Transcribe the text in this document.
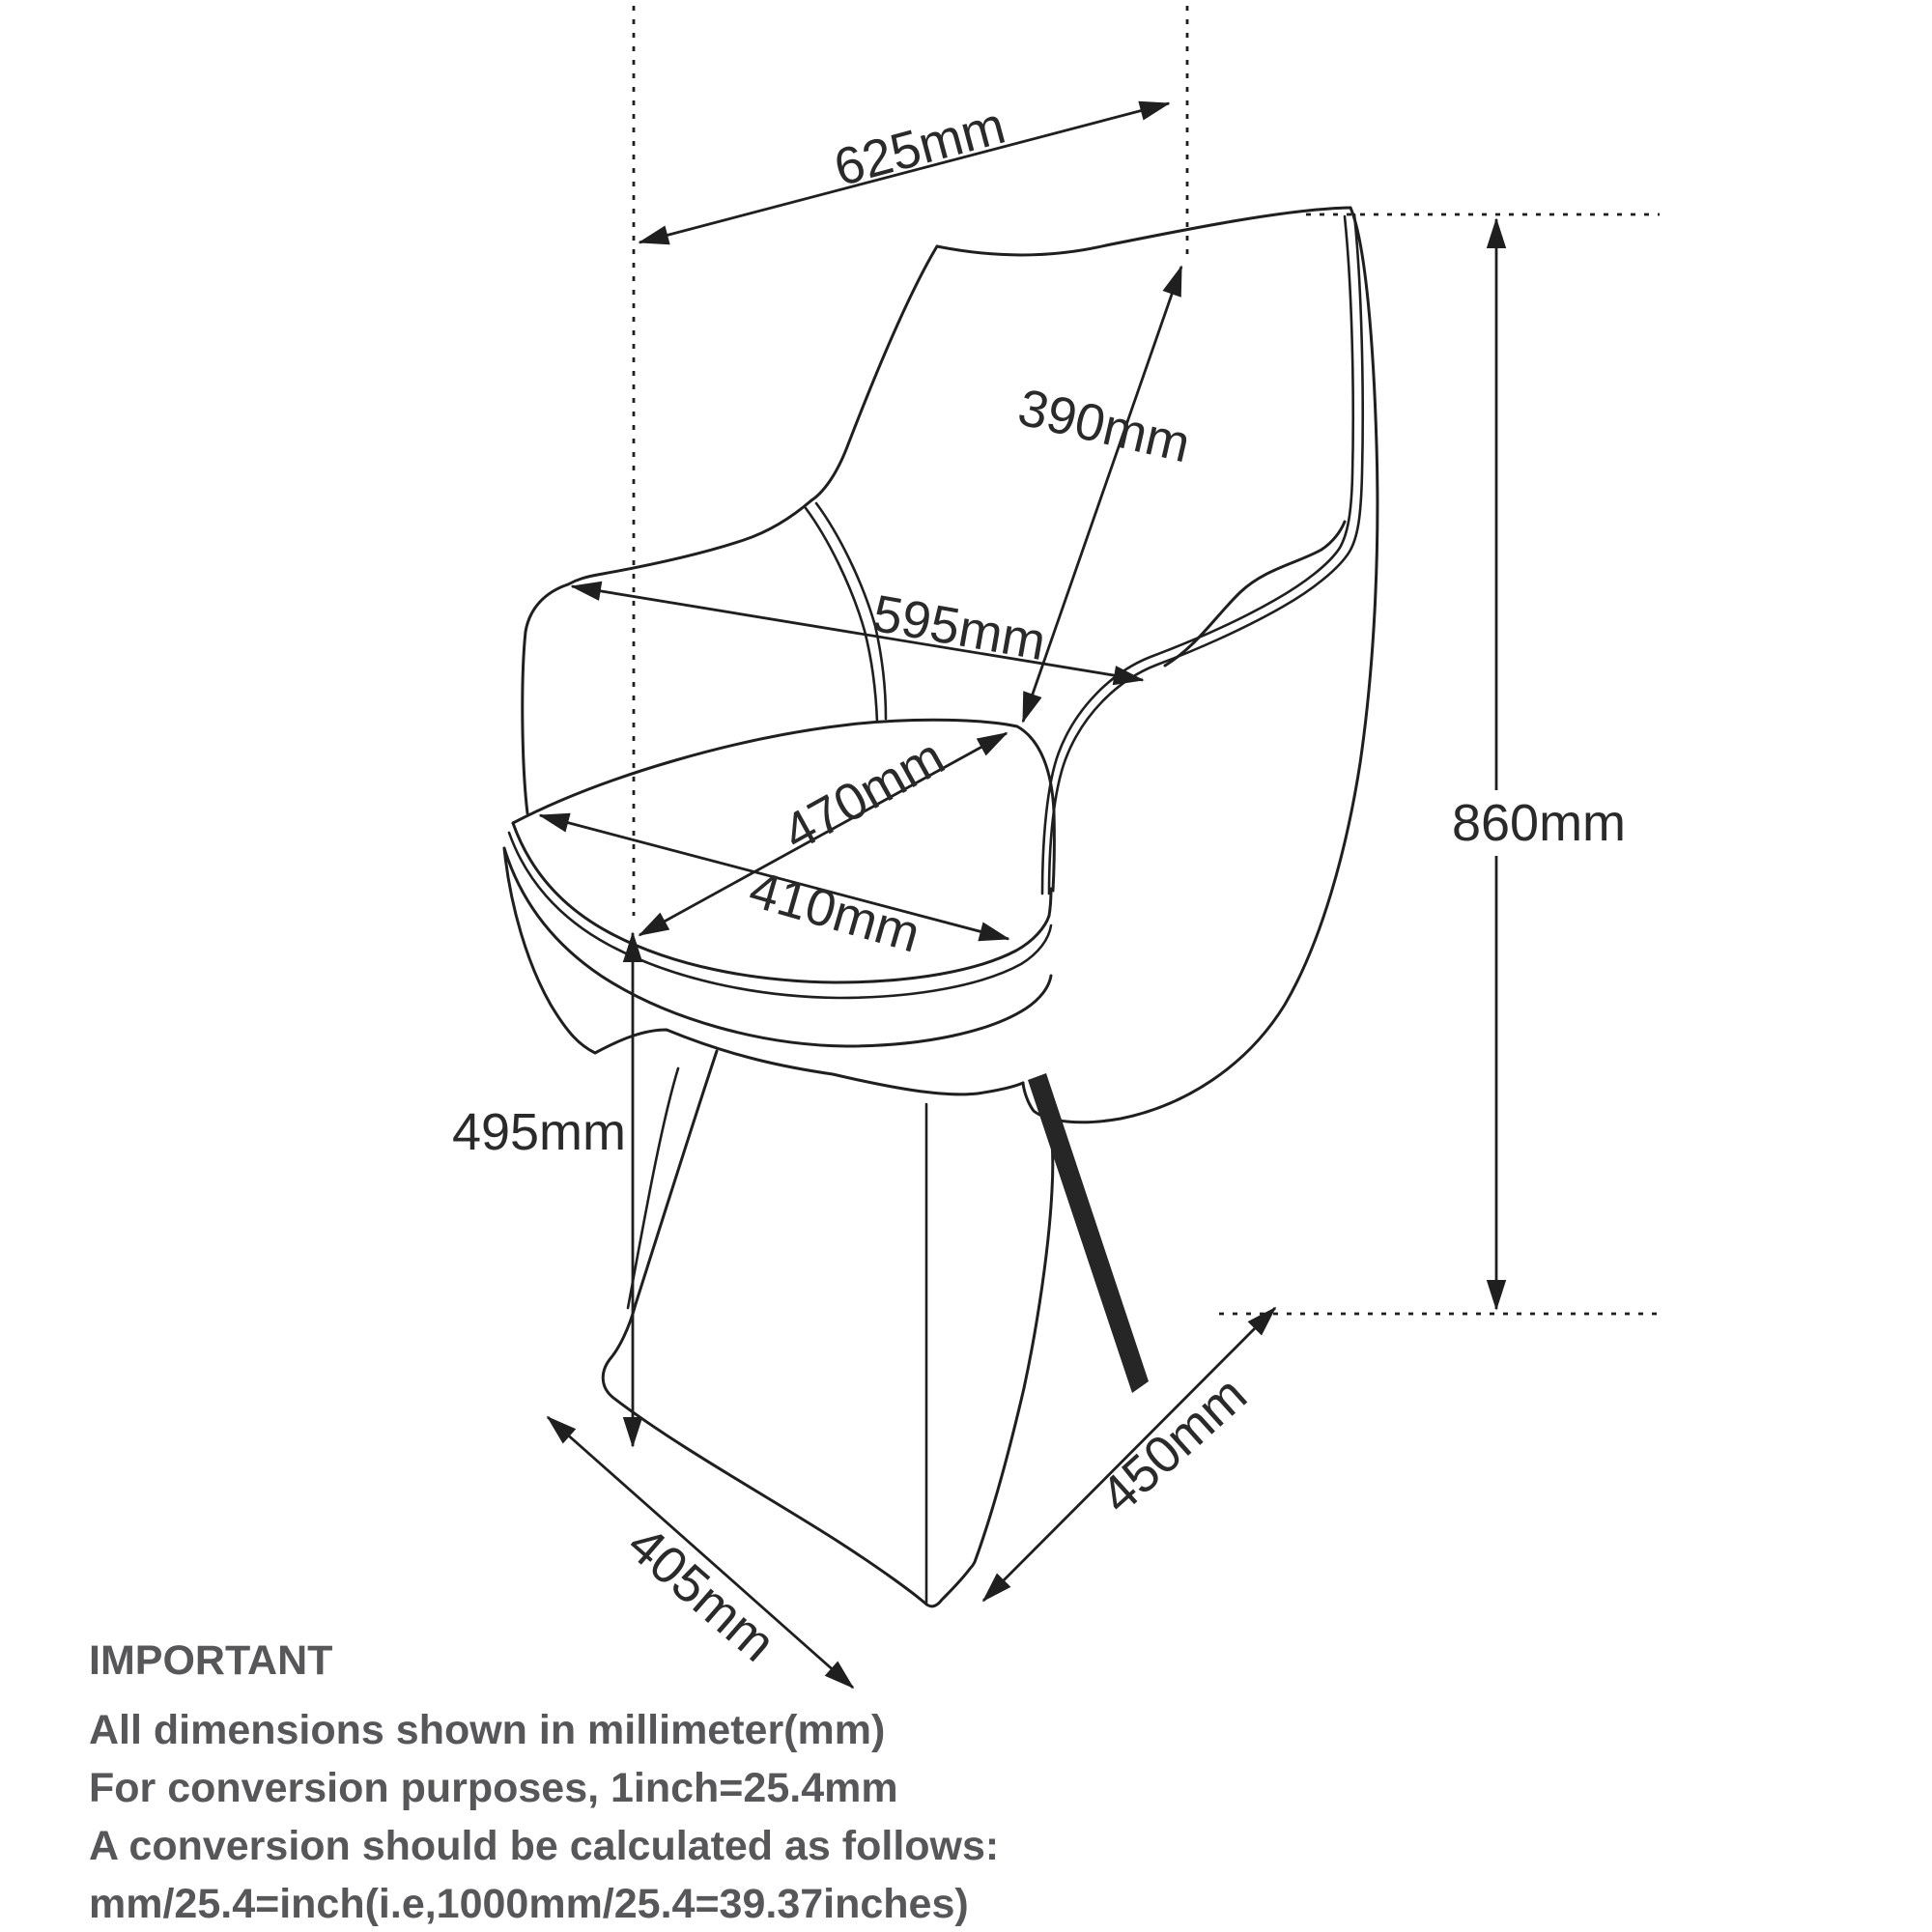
625mm
390mm
595mm
470mm
410mm
860mm
495mm
405mm
450mm
IMPORTANT
All dimensions shown in millimeter(mm)
For conversion purposes, 1inch=25.4mm
A conversion should be calculated as follows:
mm/25.4=inch(i.e,1000mm/25.4=39.37inches)
